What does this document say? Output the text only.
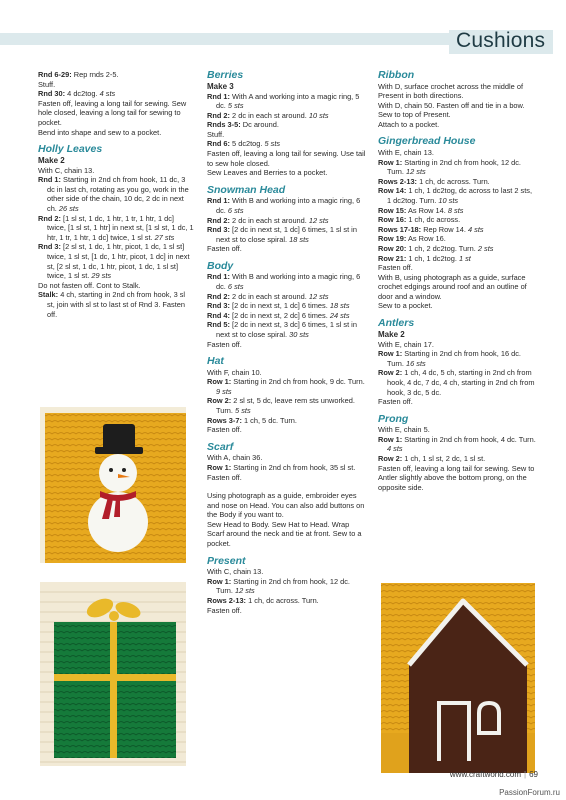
Cushions
Rnd 6-29: Rep rnds 2-5.
Stuff.
Rnd 30: 4 dc2tog. 4 sts
Fasten off, leaving a long tail for sewing. Sew hole closed, leaving a long tail for sewing to pocket.
Bend into shape and sew to a pocket.
Holly Leaves
Make 2
With C, chain 13.
Rnd 1: Starting in 2nd ch from hook, 11 dc, 3 dc in last ch, rotating as you go, work in the other side of the chain, 10 dc, 2 dc in next ch. 26 sts
Rnd 2: [1 sl st, 1 dc, 1 htr, 1 tr, 1 htr, 1 dc] twice, [1 sl st, 1 htr] in next st, [1 sl st, 1 dc, 1 htr, 1 tr, 1 htr, 1 dc] twice, 1 sl st. 27 sts
Rnd 3: [2 sl st, 1 dc, 1 htr, picot, 1 dc, 1 sl st] twice, 1 sl st, [1 dc, 1 htr, picot, 1 dc] in next st, [2 sl st, 1 dc, 1 htr, picot, 1 dc, 1 sl st] twice, 1 sl st. 29 sts
Do not fasten off. Cont to Stalk.
Stalk: 4 ch, starting in 2nd ch from hook, 3 sl st, join with sl st to last st of Rnd 3. Fasten off.
Berries
Make 3
Rnd 1: With A and working into a magic ring, 5 dc. 5 sts
Rnd 2: 2 dc in each st around. 10 sts
Rnds 3-5: Dc around.
Stuff.
Rnd 6: 5 dc2tog. 5 sts
Fasten off, leaving a long tail for sewing. Use tail to sew hole closed.
Sew Leaves and Berries to a pocket.
Snowman Head
Rnd 1: With B and working into a magic ring, 6 dc. 6 sts
Rnd 2: 2 dc in each st around. 12 sts
Rnd 3: [2 dc in next st, 1 dc] 6 times, 1 sl st in next st to close spiral. 18 sts
Fasten off.
Body
Rnd 1: With B and working into a magic ring, 6 dc. 6 sts
Rnd 2: 2 dc in each st around. 12 sts
Rnd 3: [2 dc in next st, 1 dc] 6 times. 18 sts
Rnd 4: [2 dc in next st, 2 dc] 6 times. 24 sts
Rnd 5: [2 dc in next st, 3 dc] 6 times, 1 sl st in next st to close spiral. 30 sts
Fasten off.
Hat
With F, chain 10.
Row 1: Starting in 2nd ch from hook, 9 dc. Turn. 9 sts
Row 2: 2 sl st, 5 dc, leave rem sts unworked. Turn. 5 sts
Rows 3-7: 1 ch, 5 dc. Turn.
Fasten off.
Scarf
With A, chain 36.
Row 1: Starting in 2nd ch from hook, 35 sl st.
Fasten off.
Using photograph as a guide, embroider eyes and nose on Head. You can also add buttons on the Body if you want to.
Sew Head to Body. Sew Hat to Head. Wrap Scarf around the neck and tie at front. Sew to a pocket.
Present
With C, chain 13.
Row 1: Starting in 2nd ch from hook, 12 dc. Turn. 12 sts
Rows 2-13: 1 ch, dc across. Turn.
Fasten off.
Ribbon
With D, surface crochet across the middle of Present in both directions.
With D, chain 50. Fasten off and tie in a bow. Sew to top of Present.
Attach to a pocket.
Gingerbread House
With E, chain 13.
Row 1: Starting in 2nd ch from hook, 12 dc. Turn. 12 sts
Rows 2-13: 1 ch, dc across. Turn.
Row 14: 1 ch, 1 dc2tog, dc across to last 2 sts, 1 dc2tog. Turn. 10 sts
Row 15: As Row 14. 8 sts
Row 16: 1 ch, dc across.
Rows 17-18: Rep Row 14. 4 sts
Row 19: As Row 16.
Row 20: 1 ch, 2 dc2tog. Turn. 2 sts
Row 21: 1 ch, 1 dc2tog. 1 st
Fasten off.
With B, using photograph as a guide, surface crochet edgings around roof and an outline of door and a window.
Sew to a pocket.
Antlers
Make 2
With E, chain 17.
Row 1: Starting in 2nd ch from hook, 16 dc. Turn. 16 sts
Row 2: 1 ch, 4 dc, 5 ch, starting in 2nd ch from hook, 4 dc, 7 dc, 4 ch, starting in 2nd ch from hook, 3 dc, 5 dc.
Fasten off.
Prong
With E, chain 5.
Row 1: Starting in 2nd ch from hook, 4 dc. Turn. 4 sts
Row 2: 1 ch, 1 sl st, 2 dc, 1 sl st.
Fasten off, leaving a long tail for sewing. Sew to Antler slightly above the bottom prong, on the opposite side.
www.craftworld.com | 69
PassionForum.ru
